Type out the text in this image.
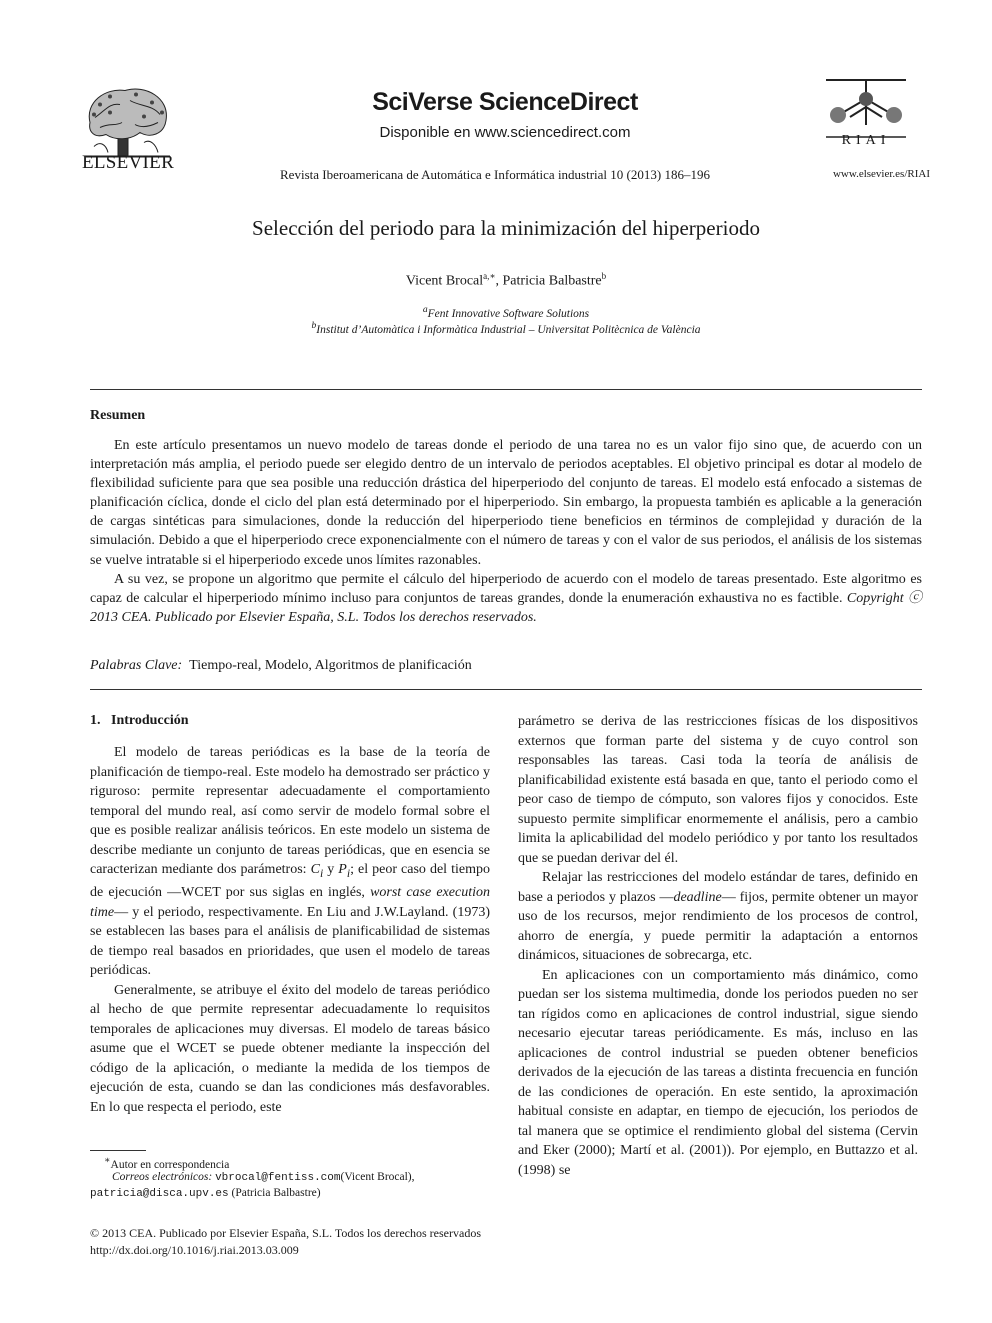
ELSEVIER
SciVerse ScienceDirect
Disponible en www.sciencedirect.com
Revista Iberoamericana de Automática e Informática industrial 10 (2013) 186–196
RIAI
www.elsevier.es/RIAI
Selección del periodo para la minimización del hiperperiodo
Vicent Brocal$^{a,∗}$, Patricia Balbastre$^b$
$^a$Fent Innovative Software Solutions
$^b$Institut d’Automàtica i Informàtica Industrial – Universitat Politècnica de València
Resumen

En este artículo presentamos un nuevo modelo de tareas donde el periodo de una tarea no es un valor fijo sino que, de acuerdo con un interpretación más amplia, el periodo puede ser elegido dentro de un intervalo de periodos aceptables. El objetivo principal es dotar al modelo de flexibilidad suficiente para que sea posible una reducción drástica del hiperperiodo del conjunto de tareas. El modelo está enfocado a sistemas de planificación cíclica, donde el ciclo del plan está determinado por el hiperperiodo. Sin embargo, la propuesta también es aplicable a la generación de cargas sintéticas para simulaciones, donde la reducción del hiperperiodo tiene beneficios en términos de complejidad y duración de la simulación. Debido a que el hiperperiodo crece exponencialmente con el número de tareas y con el valor de sus periodos, el análisis de los sistemas se vuelve intratable si el hiperperiodo excede unos límites razonables.

A su vez, se propone un algoritmo que permite el cálculo del hiperperiodo de acuerdo con el modelo de tareas presentado. Este algoritmo es capaz de calcular el hiperperiodo mínimo incluso para conjuntos de tareas grandes, donde la enumeración exhaustiva no es factible. Copyright ⓒ 2013 CEA. Publicado por Elsevier España, S.L. Todos los derechos reservados.

Palabras Clave: Tiempo-real, Modelo, Algoritmos de planificación
1. Introducción

El modelo de tareas periódicas es la base de la teoría de planificación de tiempo-real. Este modelo ha demostrado ser práctico y riguroso: permite representar adecuadamente el comportamiento temporal del mundo real, así como servir de modelo formal sobre el que es posible realizar análisis teóricos. En este modelo un sistema de describe mediante un conjunto de tareas periódicas, que en esencia se caracterizan mediante dos parámetros: $C_i$ y $P_i$; el peor caso del tiempo de ejecución —WCET por sus siglas en inglés, worst case execution time— y el periodo, respectivamente. En Liu and J.W.Layland. (1973) se establecen las bases para el análisis de planificabilidad de sistemas de tiempo real basados en prioridades, que usen el modelo de tareas periódicas.

Generalmente, se atribuye el éxito del modelo de tareas periódico al hecho de que permite representar adecuadamente lo requisitos temporales de aplicaciones muy diversas. El modelo de tareas básico asume que el WCET se puede obtener mediante la inspección del código de la aplicación, o mediante la medida de los tiempos de ejecución de esta, cuando se dan las condiciones más desfavorables. En lo que respecta el periodo, este

parámetro se deriva de las restricciones físicas de los dispositivos externos que forman parte del sistema y de cuyo control son responsables las tareas. Casi toda la teoría de análisis de planificabilidad existente está basada en que, tanto el periodo como el peor caso de tiempo de cómputo, son valores fijos y conocidos. Este supuesto permite simplificar enormemente el análisis, pero a cambio limita la aplicabilidad del modelo periódico y por tanto los resultados que se puedan derivar del él.

Relajar las restricciones del modelo estándar de tares, definido en base a periodos y plazos —deadline— fijos, permite obtener un mayor uso de los recursos, mejor rendimiento de los procesos de control, ahorro de energía, y puede permitir la adaptación a entornos dinámicos, situaciones de sobrecarga, etc.

En aplicaciones con un comportamiento más dinámico, como puedan ser los sistema multimedia, donde los periodos pueden no ser tan rígidos como en aplicaciones de control industrial, sigue siendo necesario ejecutar tareas periódicamente. Es más, incluso en las aplicaciones de control industrial se pueden obtener beneficios derivados de la ejecución de las tareas a distinta frecuencia en función de las condiciones de operación. En este sentido, la aproximación habitual consiste en adaptar, en tiempo de ejecución, los periodos de tal manera que se optimice el rendimiento global del sistema (Cervin and Eker (2000); Martí et al. (2001)). Por ejemplo, en Buttazzo et al. (1998) se

∗Autor en correspondencia
Correos electrónicos: vbrocal@fentiss.com(Vicent Brocal),
patricia@disca.upv.es (Patricia Balbastre)
© 2013 CEA. Publicado por Elsevier España, S.L. Todos los derechos reservados
http://dx.doi.org/10.1016/j.riai.2013.03.009
